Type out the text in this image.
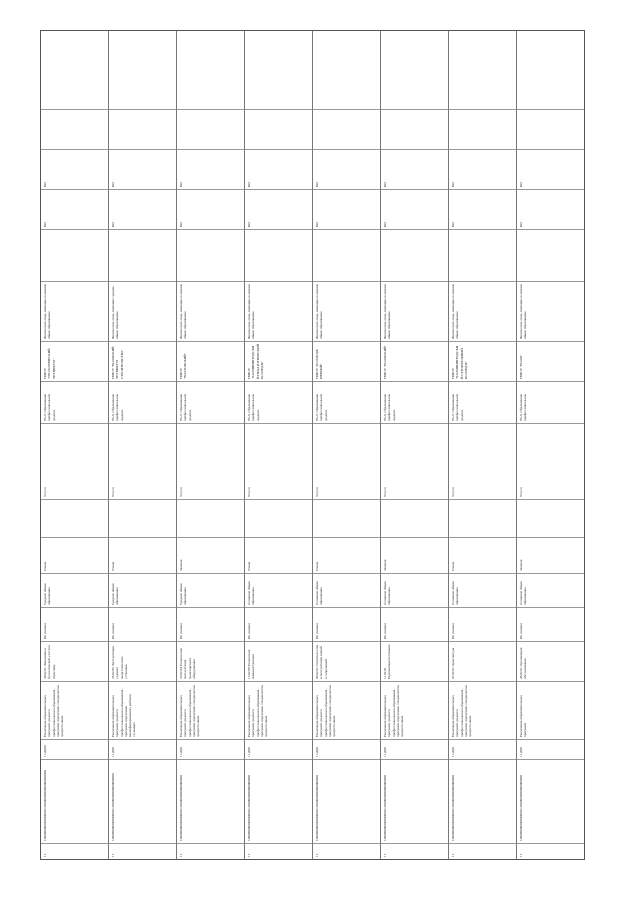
11.
100000000000000000112000000000000000000000
11.Д000
Реализация образовательных программ среднего профессионального образования - программ подготовки специалистов среднего звена
38.02.01 Экономика и бухгалтерский учет (по отраслям)
Не указано
Среднее общее образование
Очная
Услуга
85.21 Образование профессиональное среднее
ГБПОУ "ГЕОЛОГИЧЕСКИЙ ТЕХНИКУМ"
Физические лица, имеющие основное общее образование
Нет
Нет
11.
1000000000000000001120000000000000000000
11.Д00
Реализация образовательных программ среднего профессионального образования - программ подготовки квалифицированных рабочих, служащих
26.02.05 Эксплуатация судовых энергетических установок
Не указано
Среднее общее образование
Очная
Услуга
85.21 Образование профессиональное среднее
ГБПОУ "ВОЛЖСКИЙ ТЕХНИКУМ СТРОИТЕЛЬСТВА"
Физические лица, имеющие среднее общее образование
Нет
Нет
11.
100000000000000000112000000000000000000
11.Д00
Реализация образовательных программ среднего профессионального образования - программ подготовки специалистов среднего звена
23.02.04 Техническая эксплуатация транспортного оборудования
Не указано
Среднее общее образование
Заочная
Услуга
85.21 Образование профессиональное среднее
ГБПОУ "ВОЛХОВСКИЙ"
Физические лица, имеющие основное общее образование
Нет
Нет
11.
100000000000000000112000000000000000000
11.Д00
Реализация образовательных программ среднего профессионального образования - программ подготовки специалистов среднего звена
15.02.08 Технология машиностроения
Не указано
Основное общее образование
Очная
Услуга
85.21 Образование профессиональное среднее
ГБПОУ "КАЛИНИНГРАДСКИЙ ПЕДАГОГИЧЕСКИЙ КОЛЛЕДЖ"
Физические лица, имеющие основное общее образование
Нет
Нет
11.
100000000000000000112000000000000000000
11.Д00
Реализация образовательных программ среднего профессионального образования - программ подготовки специалистов среднего звена
08.02.01 Строительство и эксплуатация зданий и сооружений
Не указано
Основное общее образование
Очная
Услуга
85.21 Образование профессиональное среднее
ГБПОУ "КОЛЛЕДЖ ПЕРВЫЙ"
Физические лица, имеющие основное общее образование
Нет
Нет
11.
100000000000000000112000000000000000000
11.Д00
Реализация образовательных программ среднего профессионального образования - программ подготовки специалистов среднего звена
11.02.01 Радиоаппаратостроение
Не указано
Основное общее образование
Заочная
Услуга
85.21 Образование профессиональное среднее
ГБПОУ "ВОЛЖСКИЙ"
Физические лица, имеющие основное общее образование
Нет
Нет
11.
100000000000000000112000000000000000000
11.Д00
Реализация образовательных программ среднего профессионального образования - программ подготовки специалистов среднего звена
07.02.01 Архитектура
Не указано
Основное общее образование
Очная
Услуга
85.21 Образование профессиональное среднее
ГБПОУ "КАЛИНИНГРАДСКИЙ СТРОИТЕЛЬНЫЙ КОЛЛЕДЖ"
Физические лица, имеющие основное общее образование
Нет
Нет
11.
100000000000000000112000000000000000000
11.Д00
Реализация образовательных программ
43.02.01 Организация обслуживания
Не указано
Основное общее образование
Заочная
Услуга
85.21 Образование профессиональное
ГБПОУ "ВОЛЖ"
Физические лица, имеющие основное общее образование
Нет
Нет
